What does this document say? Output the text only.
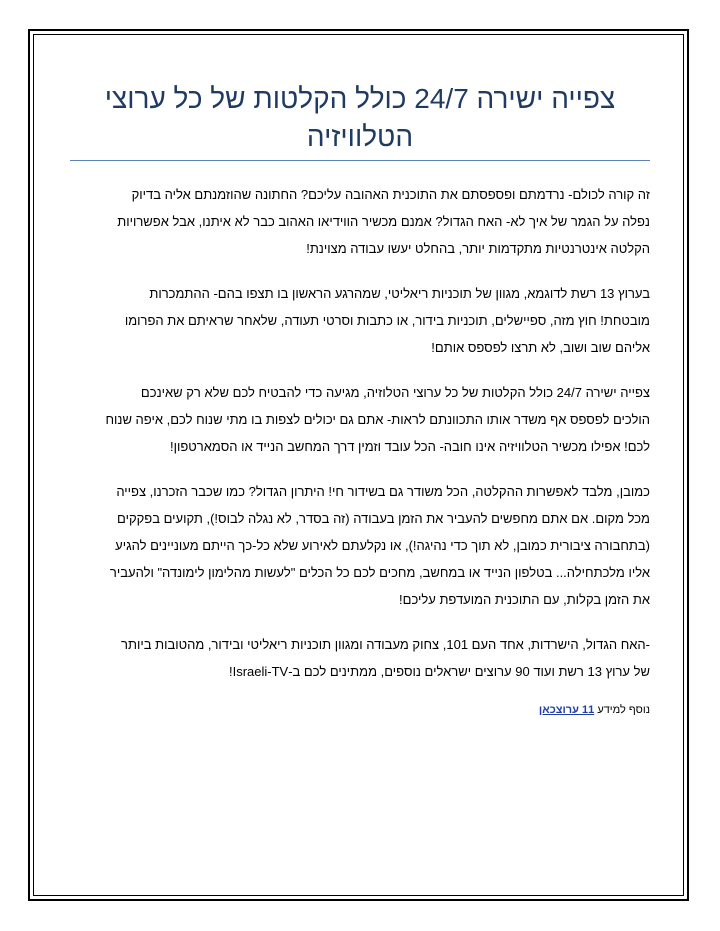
צפייה ישירה 24/7 כולל הקלטות של כל ערוצי
הטלוויזיה

זה קורה לכולם- נרדמתם ופספסתם את התוכנית האהובה עליכם? החתונה שהוזמנתם אליה בדיוק
נפלה על הגמר של איך לא- האח הגדול? אמנם מכשיר הווידיאו האהוב כבר לא איתנו, אבל אפשרויות
הקלטה אינטרנטיות מתקדמות יותר, בהחלט יעשו עבודה מצוינת!

בערוץ 13 רשת לדוגמא, מגוון של תוכניות ריאליטי, שמהרגע הראשון בו תצפו בהם- ההתמכרות
מובטחת! חוץ מזה, ספיישלים, תוכניות בידור, או כתבות וסרטי תעודה, שלאחר שראיתם את הפרומו
אליהם שוב ושוב, לא תרצו לפספס אותם!

צפייה ישירה 24/7 כולל הקלטות של כל ערוצי הטלוזיה, מגיעה כדי להבטיח לכם שלא רק שאינכם
הולכים לפספס אף משדר אותו התכוונתם לראות- אתם גם יכולים לצפות בו מתי שנוח לכם, איפה שנוח
לכם! אפילו מכשיר הטלוויזיה אינו חובה- הכל עובד וזמין דרך המחשב הנייד או הסמארטפון!

כמובן, מלבד לאפשרות ההקלטה, הכל משודר גם בשידור חי! היתרון הגדול? כמו שכבר הזכרנו, צפייה
מכל מקום. אם אתם מחפשים להעביר את הזמן בעבודה (זה בסדר, לא נגלה לבוס!), תקועים בפקקים
(בתחבורה ציבורית כמובן, לא תוך כדי נהיגה!), או נקלעתם לאירוע שלא כל-כך הייתם מעוניינים להגיע
אליו מלכתחילה... בטלפון הנייד או במחשב, מחכים לכם כל הכלים "לעשות מהלימון לימונדה" ולהעביר
את הזמן בקלות, עם התוכנית המועדפת עליכם!

-האח הגדול, הישרדות, אחד העם 101, צחוק מעבודה ומגוון תוכניות ריאליטי ובידור, מהטובות ביותר
של ערוץ 13 רשת ועוד 90 ערוצים ישראלים נוספים, ממתינים לכם ב-Israeli-TV!

נוסף למידע 11 ערוצכאן
